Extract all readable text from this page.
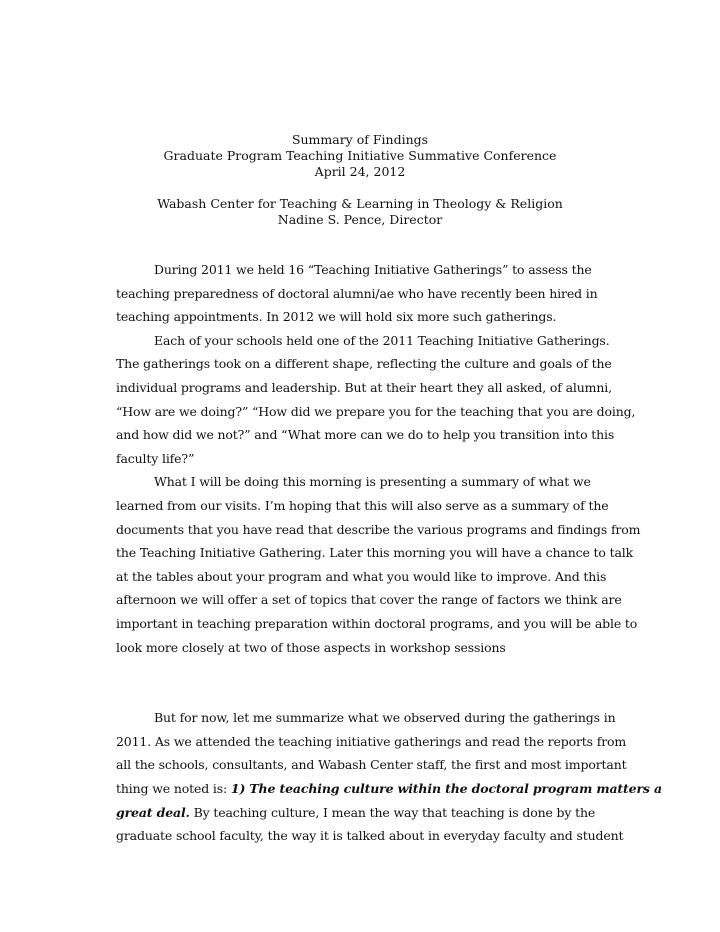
Summary of Findings
Graduate Program Teaching Initiative Summative Conference
April 24, 2012
Wabash Center for Teaching & Learning in Theology & Religion
Nadine S. Pence, Director
During 2011 we held 16 “Teaching Initiative Gatherings” to assess the
teaching preparedness of doctoral alumni/ae who have recently been hired in
teaching appointments. In 2012 we will hold six more such gatherings.
Each of your schools held one of the 2011 Teaching Initiative Gatherings.
The gatherings took on a different shape, reflecting the culture and goals of the
individual programs and leadership. But at their heart they all asked, of alumni,
“How are we doing?” “How did we prepare you for the teaching that you are doing,
and how did we not?” and “What more can we do to help you transition into this
faculty life?”
What I will be doing this morning is presenting a summary of what we
learned from our visits. I’m hoping that this will also serve as a summary of the
documents that you have read that describe the various programs and findings from
the Teaching Initiative Gathering. Later this morning you will have a chance to talk
at the tables about your program and what you would like to improve. And this
afternoon we will offer a set of topics that cover the range of factors we think are
important in teaching preparation within doctoral programs, and you will be able to
look more closely at two of those aspects in workshop sessions
But for now, let me summarize what we observed during the gatherings in
2011. As we attended the teaching initiative gatherings and read the reports from
all the schools, consultants, and Wabash Center staff, the first and most important
thing we noted is: 1) The teaching culture within the doctoral program matters a
great deal. By teaching culture, I mean the way that teaching is done by the
graduate school faculty, the way it is talked about in everyday faculty and student
